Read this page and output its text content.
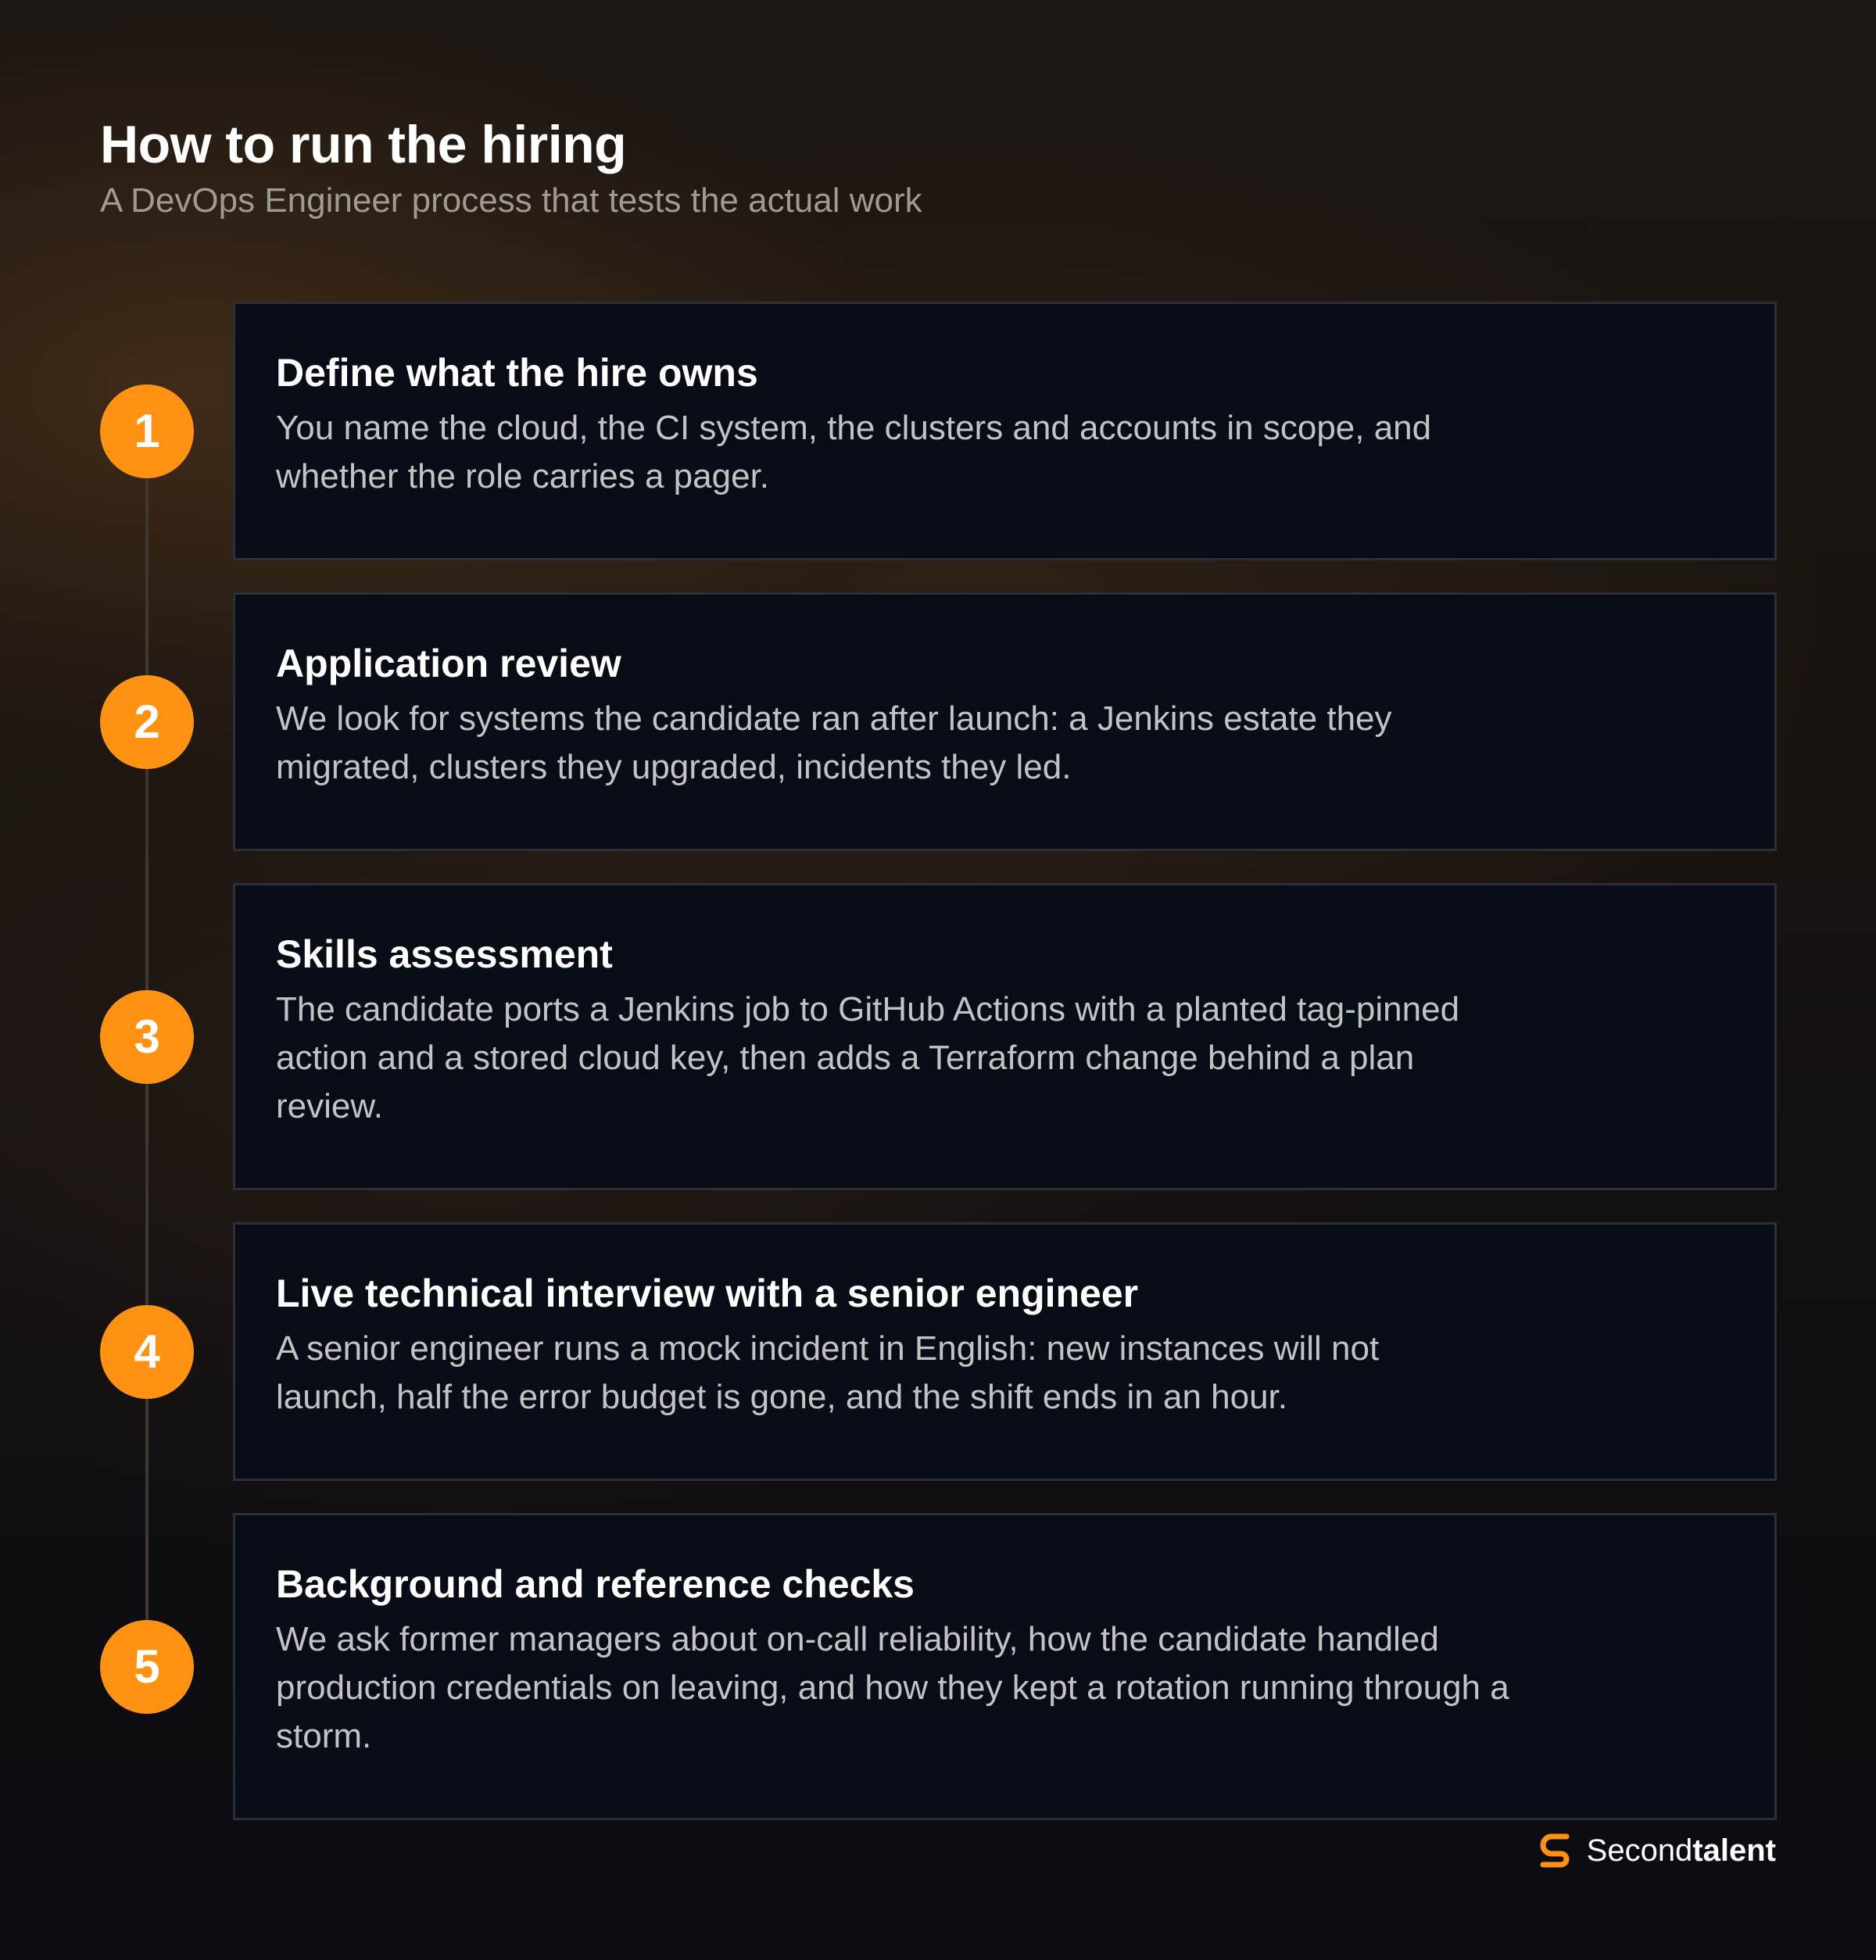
How to run the hiring

A DevOps Engineer process that tests the actual work

Define what the hire owns

You name the cloud, the CI system, the clusters and accounts in scope, and whether the role carries a pager.

1
Application review

We look for systems the candidate ran after launch: a Jenkins estate they migrated, clusters they upgraded, incidents they led.

2
Skills assessment

The candidate ports a Jenkins job to GitHub Actions with a planted tag-pinned action and a stored cloud key, then adds a Terraform change behind a plan review.

3
Live technical interview with a senior engineer

A senior engineer runs a mock incident in English: new instances will not launch, half the error budget is gone, and the shift ends in an hour.

4
Background and reference checks

We ask former managers about on-call reliability, how the candidate handled production credentials on leaving, and how they kept a rotation running through a storm.

5
Secondtalent
